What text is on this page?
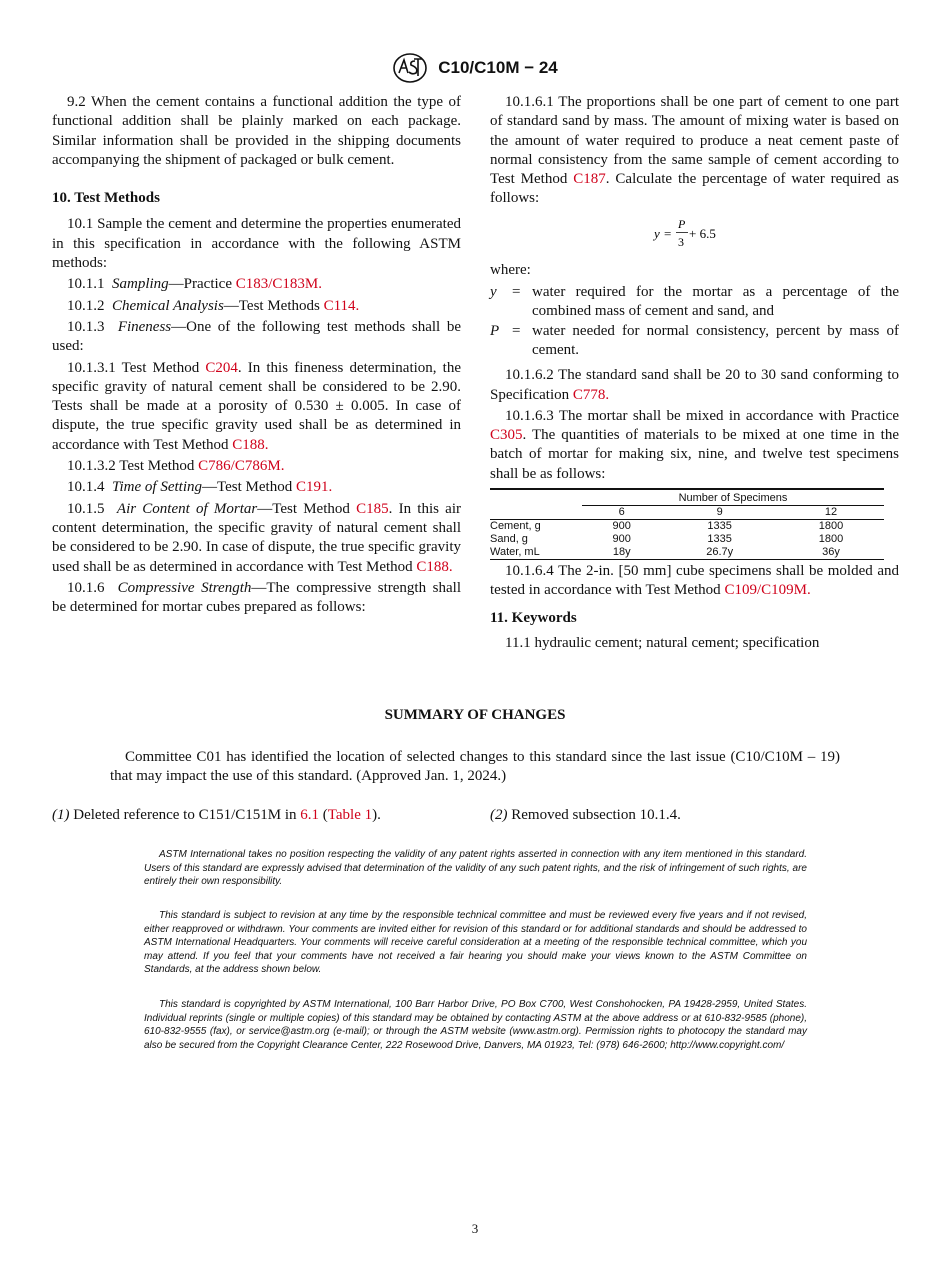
C10/C10M − 24

9.2 When the cement contains a functional addition the type of functional addition shall be plainly marked on each package. Similar information shall be provided in the shipping documents accompanying the shipment of packaged or bulk cement.

10. Test Methods

10.1 Sample the cement and determine the properties enumerated in this specification in accordance with the following ASTM methods:

10.1.1 Sampling—Practice C183/C183M.

10.1.2 Chemical Analysis—Test Methods C114.

10.1.3 Fineness—One of the following test methods shall be used:

10.1.3.1 Test Method C204. In this fineness determination, the specific gravity of natural cement shall be considered to be 2.90. Tests shall be made at a porosity of 0.530 ± 0.005. In case of dispute, the true specific gravity used shall be as determined in accordance with Test Method C188.

10.1.3.2 Test Method C786/C786M.

10.1.4 Time of Setting—Test Method C191.

10.1.5 Air Content of Mortar—Test Method C185. In this air content determination, the specific gravity of natural cement shall be considered to be 2.90. In case of dispute, the true specific gravity used shall be as determined in accordance with Test Method C188.

10.1.6 Compressive Strength—The compressive strength shall be determined for mortar cubes prepared as follows:

10.1.6.1 The proportions shall be one part of cement to one part of standard sand by mass. The amount of mixing water is based on the amount of water required to produce a neat cement paste of normal consistency from the same sample of cement according to Test Method C187. Calculate the percentage of water required as follows:

y =
P
3
+ 6.5

where:

y	= water required for the mortar as a percentage of the combined mass of cement and sand, and
P = water needed for normal consistency, percent by mass of cement.

10.1.6.2 The standard sand shall be 20 to 30 sand conforming to Specification C778.

10.1.6.3 The mortar shall be mixed in accordance with Practice C305. The quantities of materials to be mixed at one time in the batch of mortar for making six, nine, and twelve test specimens shall be as follows:

	Number of Specimens		
	6	9	12
Cement, g	900	1335	1800
Sand, g	900	1335	1800
Water, mL	18y	26.7y	36y

10.1.6.4 The 2-in. [50 mm] cube specimens shall be molded and tested in accordance with Test Method C109/C109M.

11. Keywords

11.1 hydraulic cement; natural cement; specification

SUMMARY OF CHANGES
Committee C01 has identified the location of selected changes to this standard since the last issue (C10/C10M – 19) that may impact the use of this standard. (Approved Jan. 1, 2024.)
(1) Deleted reference to C151/C151M in 6.1 (Table 1).	(2) Removed subsection 10.1.4.
ASTM International takes no position respecting the validity of any patent rights asserted in connection with any item mentioned in this standard. Users of this standard are expressly advised that determination of the validity of any such patent rights, and the risk of infringement of such rights, are entirely their own responsibility.
This standard is subject to revision at any time by the responsible technical committee and must be reviewed every five years and if not revised, either reapproved or withdrawn. Your comments are invited either for revision of this standard or for additional standards and should be addressed to ASTM International Headquarters. Your comments will receive careful consideration at a meeting of the responsible technical committee, which you may attend. If you feel that your comments have not received a fair hearing you should make your views known to the ASTM Committee on Standards, at the address shown below.
This standard is copyrighted by ASTM International, 100 Barr Harbor Drive, PO Box C700, West Conshohocken, PA 19428-2959, United States. Individual reprints (single or multiple copies) of this standard may be obtained by contacting ASTM at the above address or at 610-832-9585 (phone), 610-832-9555 (fax), or service@astm.org (e-mail); or through the ASTM website (www.astm.org). Permission rights to photocopy the standard may also be secured from the Copyright Clearance Center, 222 Rosewood Drive, Danvers, MA 01923, Tel: (978) 646-2600; http://www.copyright.com/
3
